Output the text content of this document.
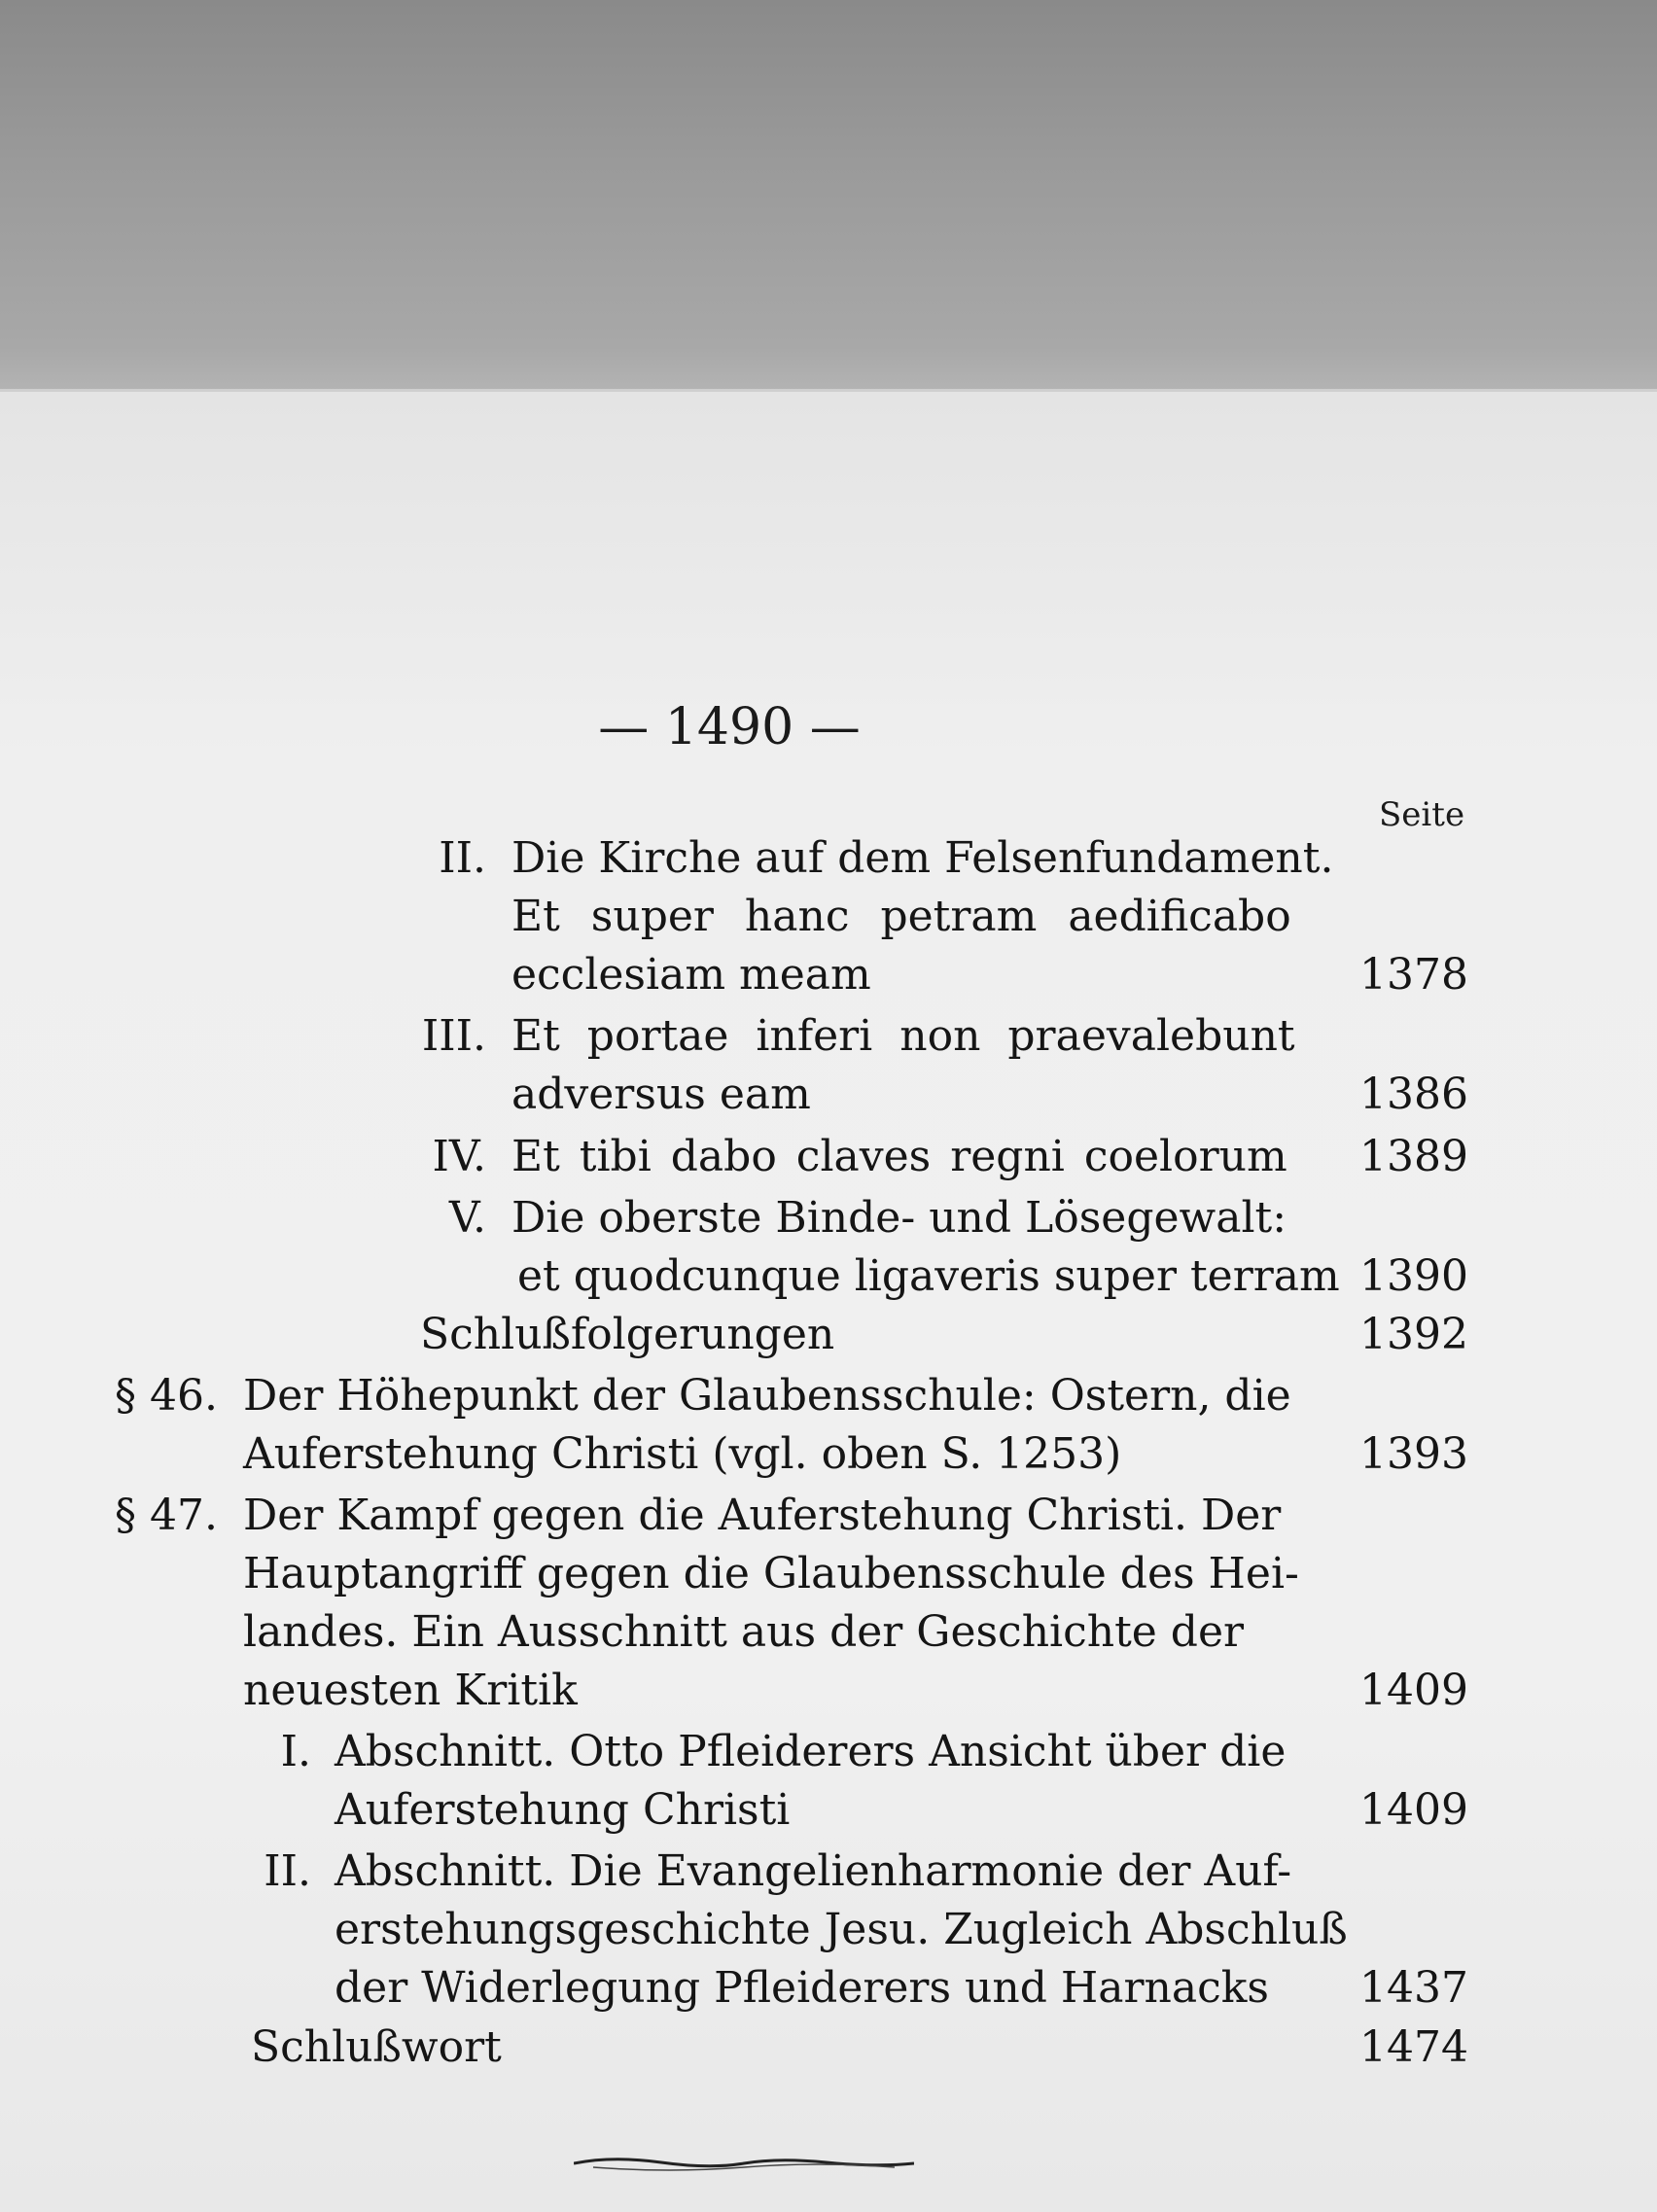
— 1490 —
Seite
II. Die Kirche auf dem Felsenfundament.
Et super hanc petram aedificabo
ecclesiam meam	1378
III. Et portae inferi non praevalebunt
adversus eam	1386
IV. Et tibi dabo claves regni coelorum 1389
V. Die oberste Binde- und Lösegewalt:
et quodcunque ligaveris super terram 1390
Schlußfolgerungen	1392
§ 46. Der Höhepunkt der Glaubensschule: Ostern, die
Auferstehung Christi (vgl. oben S. 1253)	1393
§ 47. Der Kampf gegen die Auferstehung Christi. Der
Hauptangriff gegen die Glaubensschule des Hei-
landes. Ein Ausschnitt aus der Geschichte der
neuesten Kritik	1409
I. Abschnitt. Otto Pfleiderers Ansicht über die
Auferstehung Christi	1409
II. Abschnitt. Die Evangelienharmonie der Auf-
erstehungsgeschichte Jesu. Zugleich Abschluß
der Widerlegung Pfleiderers und Harnacks 1437
Schlußwort	1474
